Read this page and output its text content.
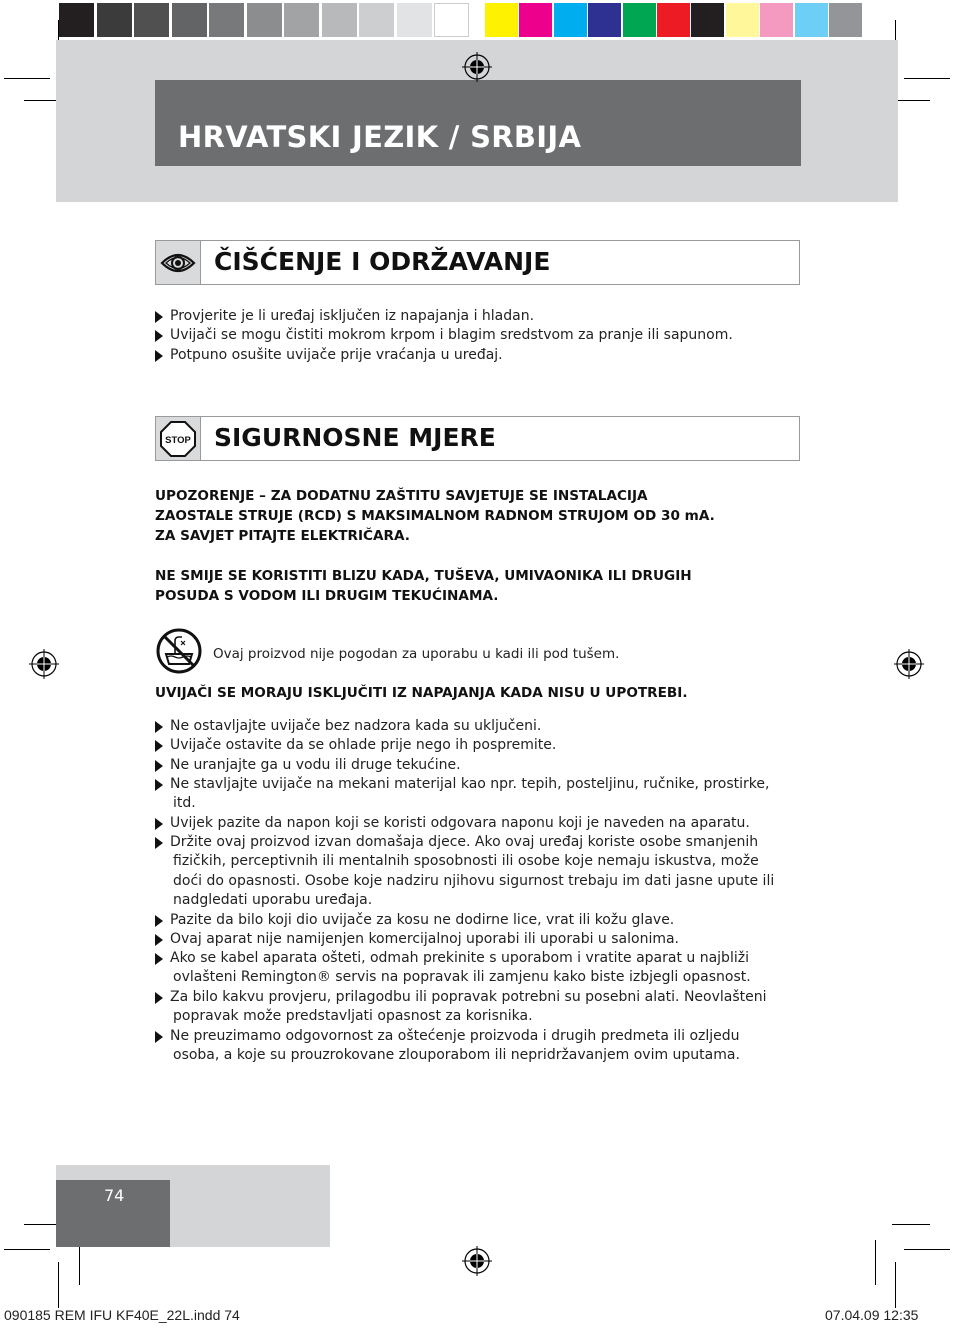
HRVATSKI JEZIK / SRBIJA
ČIŠĆENJE I ODRŽAVANJE
Provjerite je li uređaj isključen iz napajanja i hladan.
Uvijači se mogu čistiti mokrom krpom i blagim sredstvom za pranje ili sapunom.
Potpuno osušite uvijače prije vraćanja u uređaj.
STOP SIGURNOSNE MJERE
UPOZORENJE – ZA DODATNU ZAŠTITU SAVJETUJE SE INSTALACIJA
ZAOSTALE STRUJE (RCD) S MAKSIMALNOM RADNOM STRUJOM OD 30 mA.
ZA SAVJET PITAJTE ELEKTRIČARA.
NE SMIJE SE KORISTITI BLIZU KADA, TUŠEVA, UMIVAONIKA ILI DRUGIH
POSUDA S VODOM ILI DRUGIM TEKUĆINAMA.
Ovaj proizvod nije pogodan za uporabu u kadi ili pod tušem.
UVIJAČI SE MORAJU ISKLJUČITI IZ NAPAJANJA KADA NISU U UPOTREBI.
Ne ostavljajte uvijače bez nadzora kada su uključeni.
Uvijače ostavite da se ohlade prije nego ih pospremite.
Ne uranjajte ga u vodu ili druge tekućine.
Ne stavljajte uvijače na mekani materijal kao npr. tepih, posteljinu, ručnike, prostirke,
itd.
Uvijek pazite da napon koji se koristi odgovara naponu koji je naveden na aparatu.
Držite ovaj proizvod izvan domašaja djece. Ako ovaj uređaj koriste osobe smanjenih
fizičkih, perceptivnih ili mentalnih sposobnosti ili osobe koje nemaju iskustva, može
doći do opasnosti. Osobe koje nadziru njihovu sigurnost trebaju im dati jasne upute ili
nadgledati uporabu uređaja.
Pazite da bilo koji dio uvijače za kosu ne dodirne lice, vrat ili kožu glave.
Ovaj aparat nije namijenjen komercijalnoj uporabi ili uporabi u salonima.
Ako se kabel aparata ošteti, odmah prekinite s uporabom i vratite aparat u najbliži
ovlašteni Remington® servis na popravak ili zamjenu kako biste izbjegli opasnost.
Za bilo kakvu provjeru, prilagodbu ili popravak potrebni su posebni alati. Neovlašteni
popravak može predstavljati opasnost za korisnika.
Ne preuzimamo odgovornost za oštećenje proizvoda i drugih predmeta ili ozljedu
osoba, a koje su prouzrokovane zlouporabom ili nepridržavanjem ovim uputama.
74
090185 REM IFU KF40E_22L.indd 74	07.04.09 12:35
